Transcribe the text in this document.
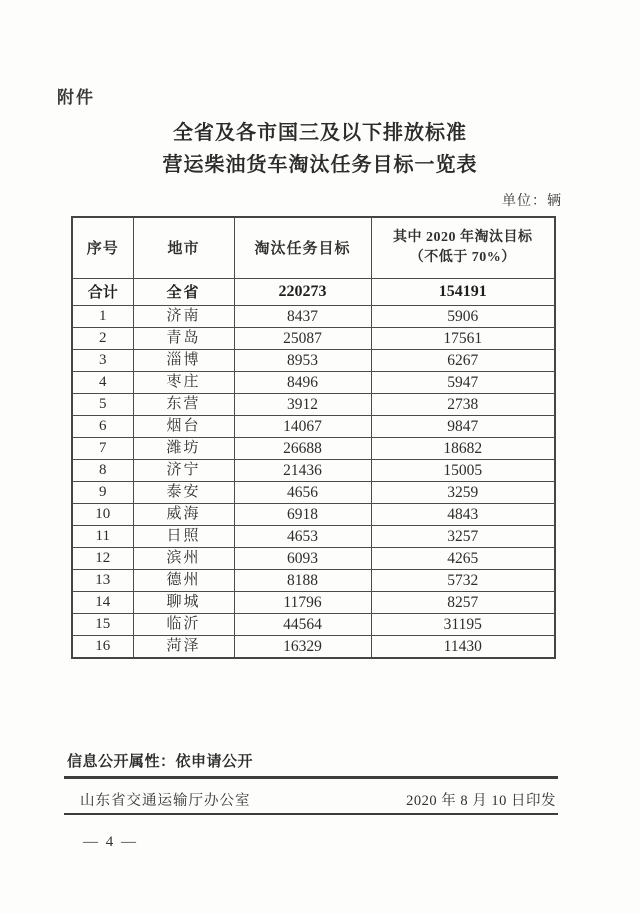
附件
全省及各市国三及以下排放标准
营运柴油货车淘汰任务目标一览表
单位：辆
序号	地市	淘汰任务目标	其中 2020 年淘汰目标
（不低于 70%）

合计	全省	220273	154191
1	济南	8437	5906
2	青岛	25087	17561
3	淄博	8953	6267
4	枣庄	8496	5947
5	东营	3912	2738
6	烟台	14067	9847
7	潍坊	26688	18682
8	济宁	21436	15005
9	泰安	4656	3259
10	威海	6918	4843
11	日照	4653	3257
12	滨州	6093	4265
13	德州	8188	5732
14	聊城	11796	8257
15	临沂	44564	31195
16	菏泽	16329	11430
信息公开属性：依申请公开
山东省交通运输厅办公室	2020 年 8 月 10 日印发
— 4 —
